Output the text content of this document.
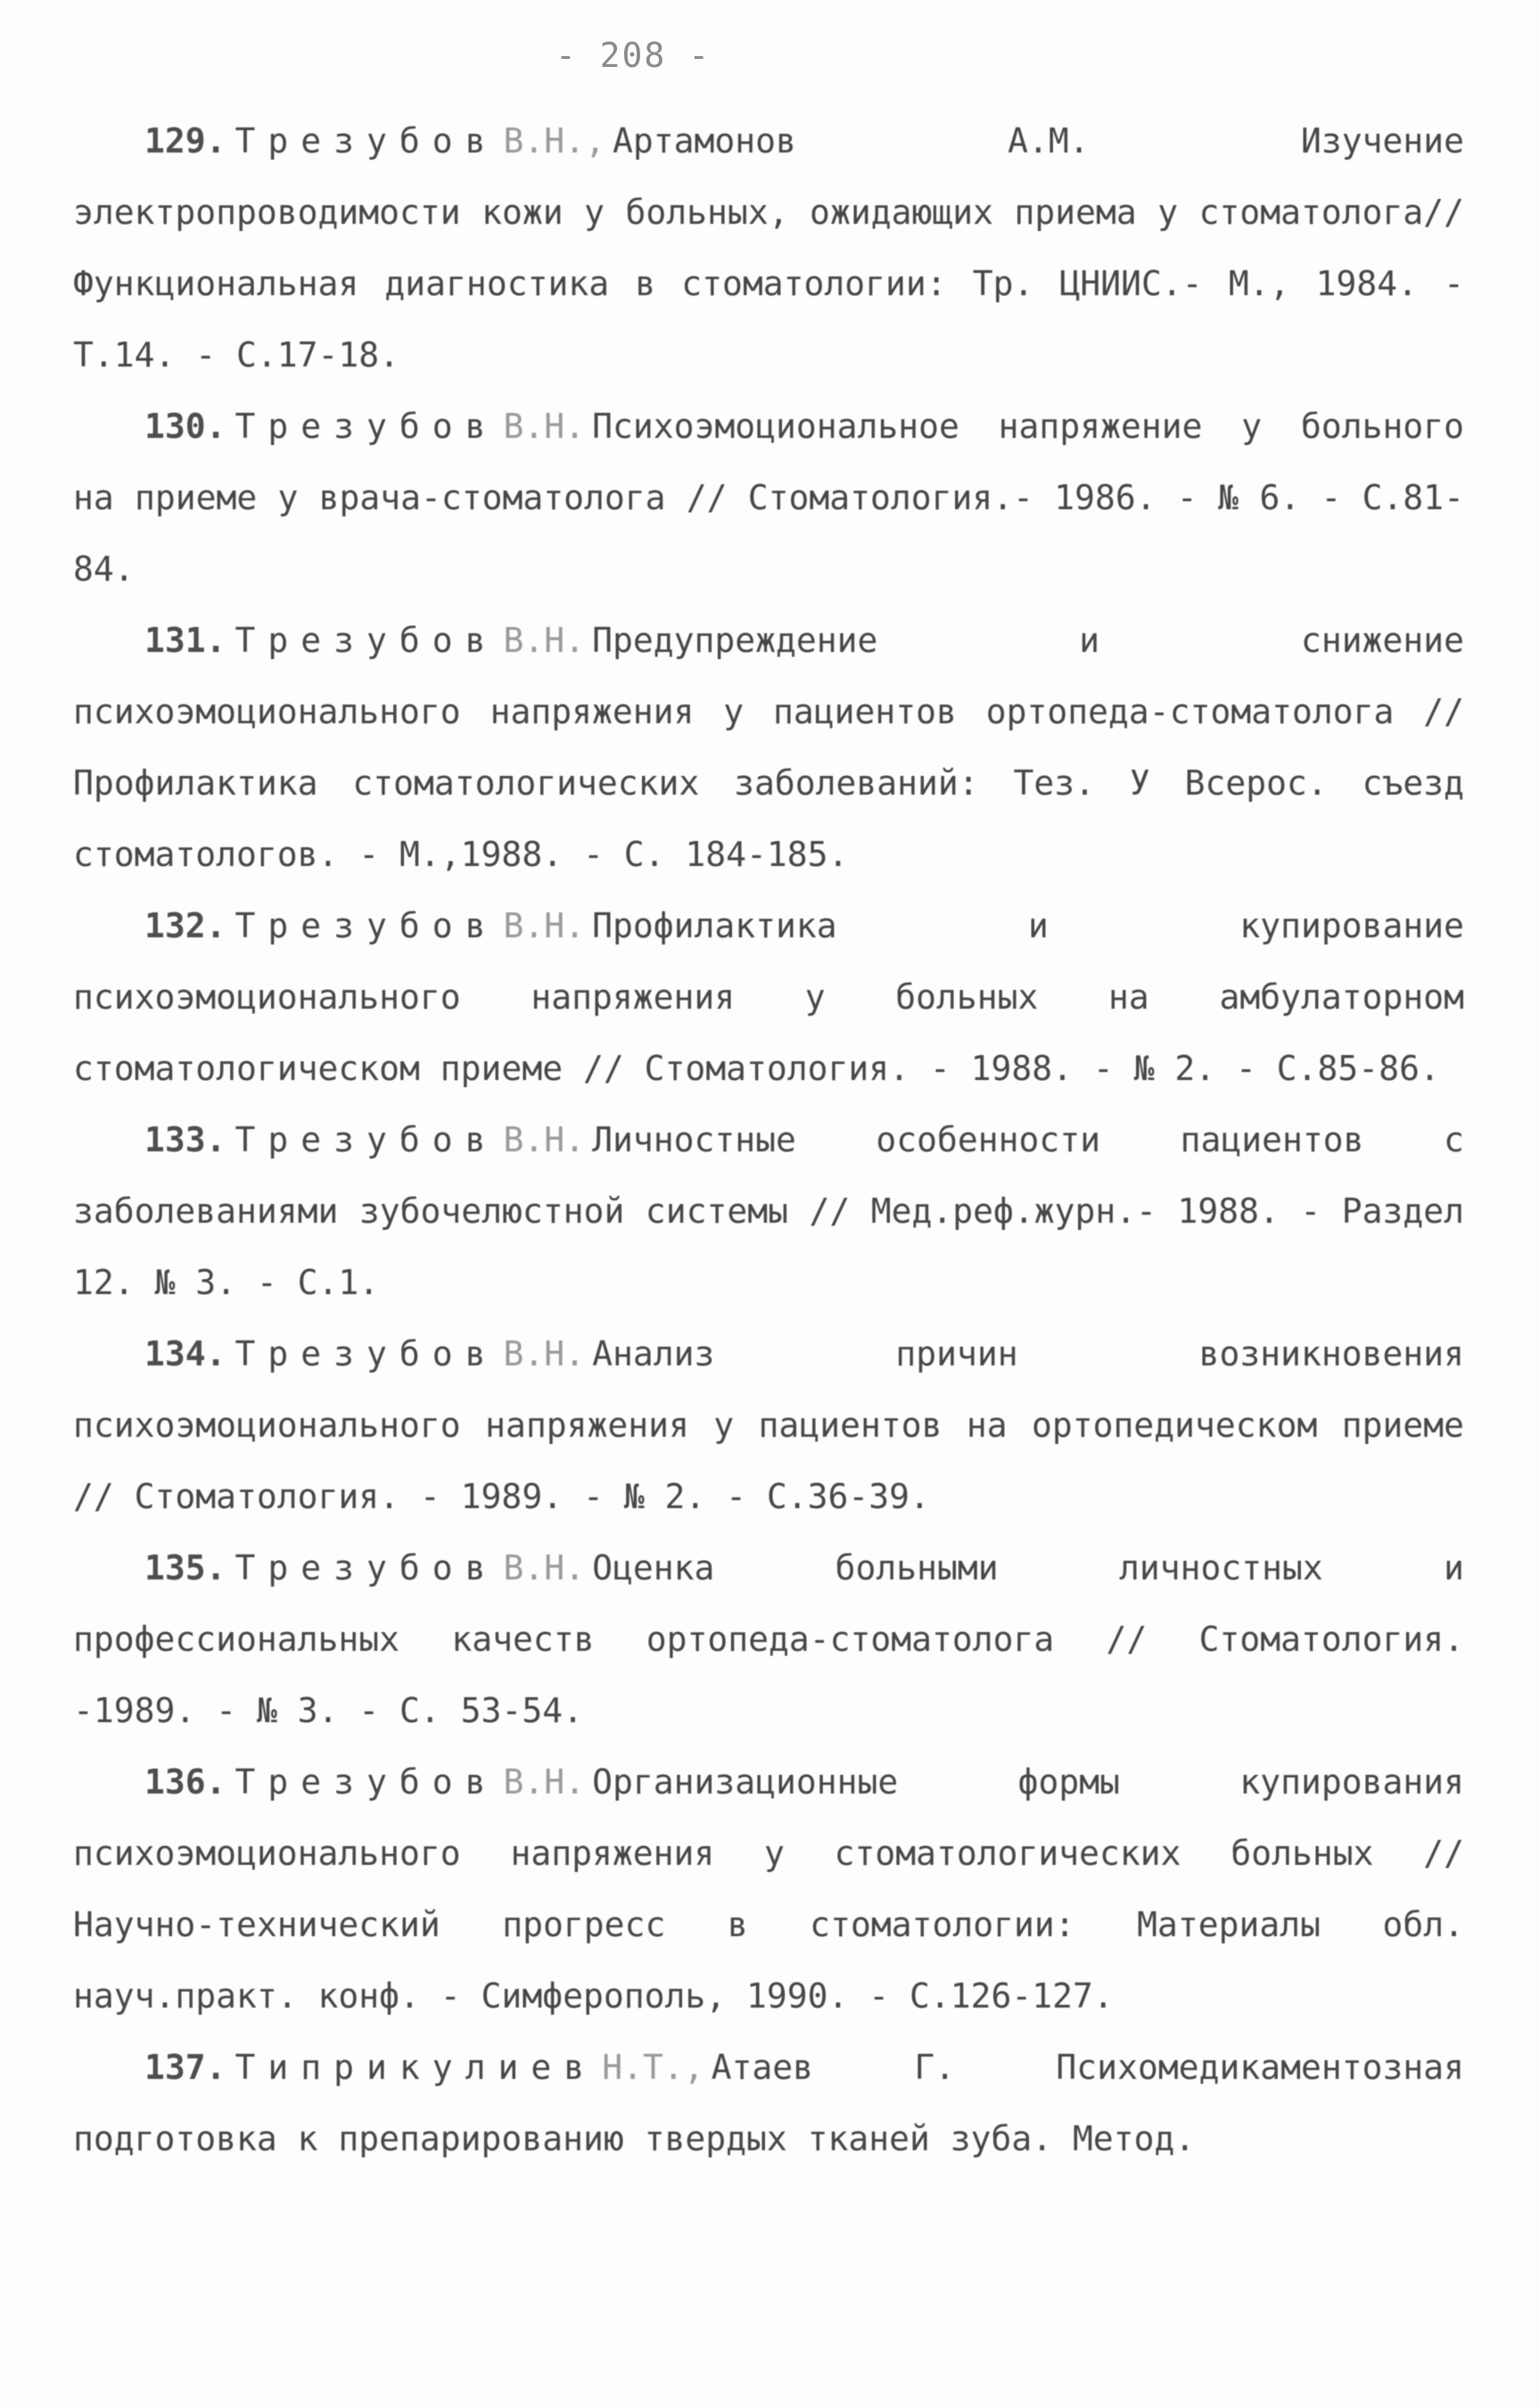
- 208 -

129. Трезубов В.Н., Артамонов А.М. Изучение электропроводимости кожи у больных, ожидающих приема у стоматолога// Функциональная диагностика в стоматологии: Тр. ЦНИИС.- М., 1984. - Т.14. - С.17-18.

130. Трезубов В.Н. Психоэмоциональное напряжение у больного на приеме у врача-стоматолога // Стоматология.- 1986. - № 6. - С.81-84.

131. Трезубов В.Н. Предупреждение и снижение психоэмоционального напряжения у пациентов ортопеда-стоматолога // Профилактика стоматологических заболеваний: Тез. У Всерос. съезд стоматологов. - М.,1988. - С. 184-185.

132. Трезубов В.Н. Профилактика и купирование психоэмоционального напряжения у больных на амбулаторном стоматологическом приеме // Стоматология. - 1988. - № 2. - С.85-86.

133. Трезубов В.Н. Личностные особенности пациентов с заболеваниями зубочелюстной системы // Мед.реф.журн.- 1988. - Раздел 12. № 3. - С.1.

134. Трезубов В.Н. Анализ причин возникновения психоэмоционального напряжения у пациентов на ортопедическом приеме // Стоматология. - 1989. - № 2. - С.36-39.

135. Трезубов В.Н. Оценка больными личностных и профессиональных качеств ортопеда-стоматолога // Стоматология. -1989. - № 3. - С. 53-54.

136. Трезубов В.Н. Организационные формы купирования психоэмоционального напряжения у стоматологических больных // Научно-технический прогресс в стоматологии: Материалы обл. науч.практ. конф. - Симферополь, 1990. - С.126-127.

137. Типрикулиев Н.Т., Атаев Г. Психомедикаментозная подготовка к препарированию твердых тканей зуба. Метод.
